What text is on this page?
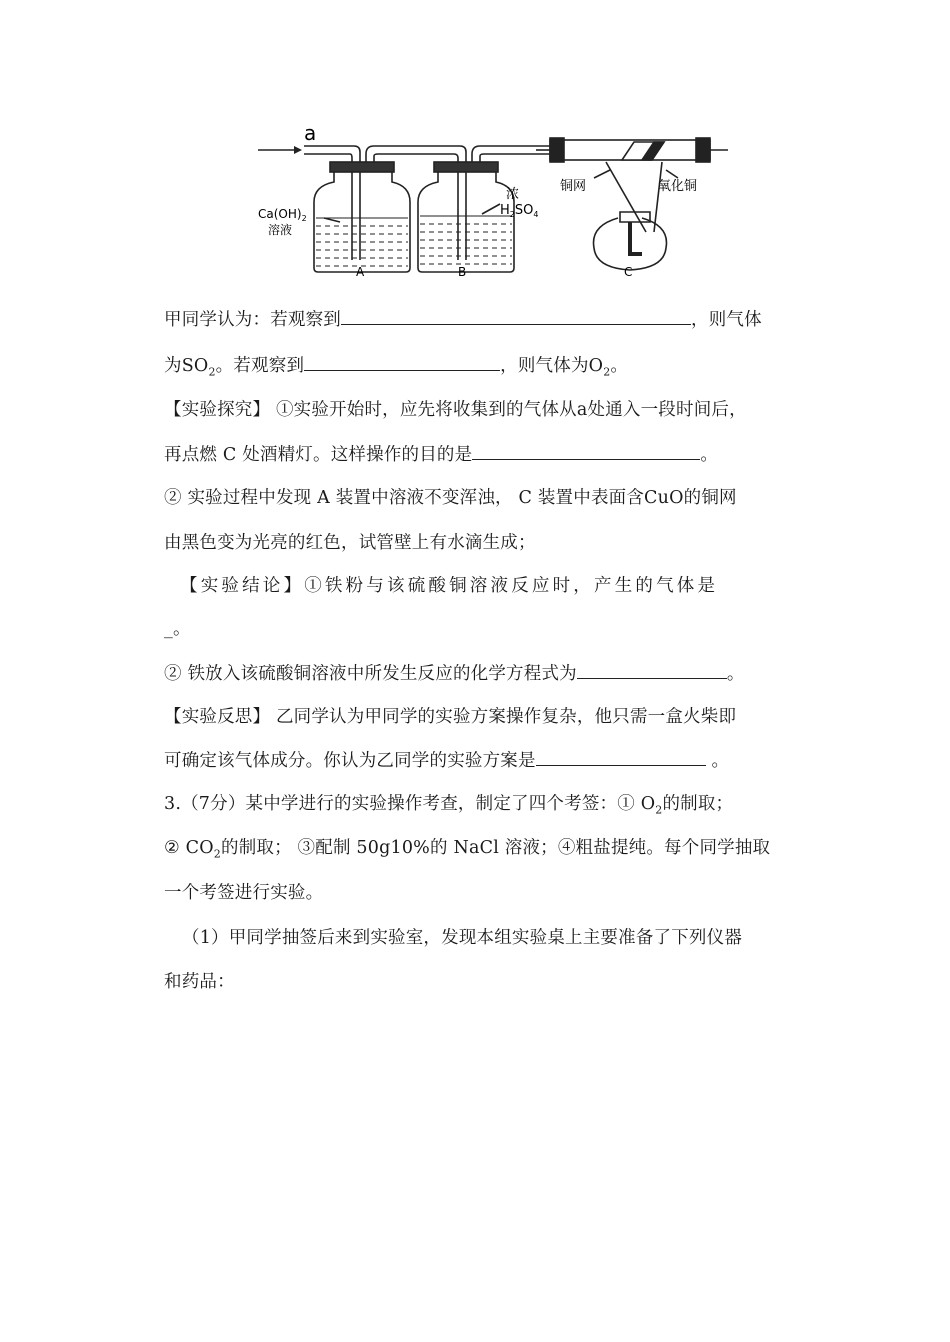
a
$Ca(OH)_2$ 溶液
浓 $H_2SO_4$
铜网	氧化铜
A	B	C
甲同学认为：若观察到	，则气体
为$SO_2$。若观察到	，则气体为$O_2$。
【实验探究】 ①实验开始时，应先将收集到的气体从a处通入一段时间后，
再点燃 C 处酒精灯。这样操作的目的是	。
② 实验过程中发现 A 装置中溶液不变浑浊， C 装置中表面含CuO的铜网
由黑色变为光亮的红色，试管壁上有水滴生成；
【实验结论】①铁粉与该硫酸铜溶液反应时，产生的气体是
_。
② 铁放入该硫酸铜溶液中所发生反应的化学方程式为	。
【实验反思】 乙同学认为甲同学的实验方案操作复杂，他只需一盒火柴即
可确定该气体成分。你认为乙同学的实验方案是	。
3.（7分）某中学进行的实验操作考查，制定了四个考签：① $O_2$的制取；
② $CO_2$的制取； ③配制 50g10%的 NaCl 溶液；④粗盐提纯。每个同学抽取
一个考签进行实验。
（1）甲同学抽签后来到实验室，发现本组实验桌上主要准备了下列仪器
和药品：
